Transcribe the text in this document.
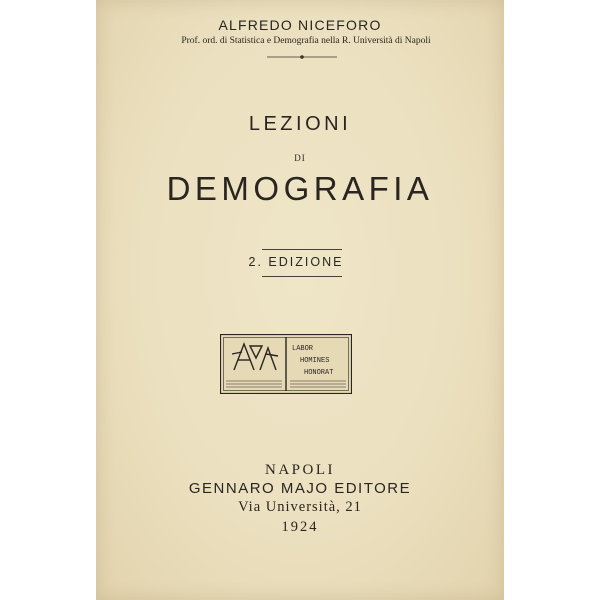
ALFREDO NICEFORO
Prof. ord. di Statistica e Demografia nella R. Università di Napoli
LEZIONI
DI
DEMOGRAFIA
2. EDIZIONE
LABOR
HOMINES
HONORAT
NAPOLI
GENNARO MAJO EDITORE
Via Università, 21
1924
